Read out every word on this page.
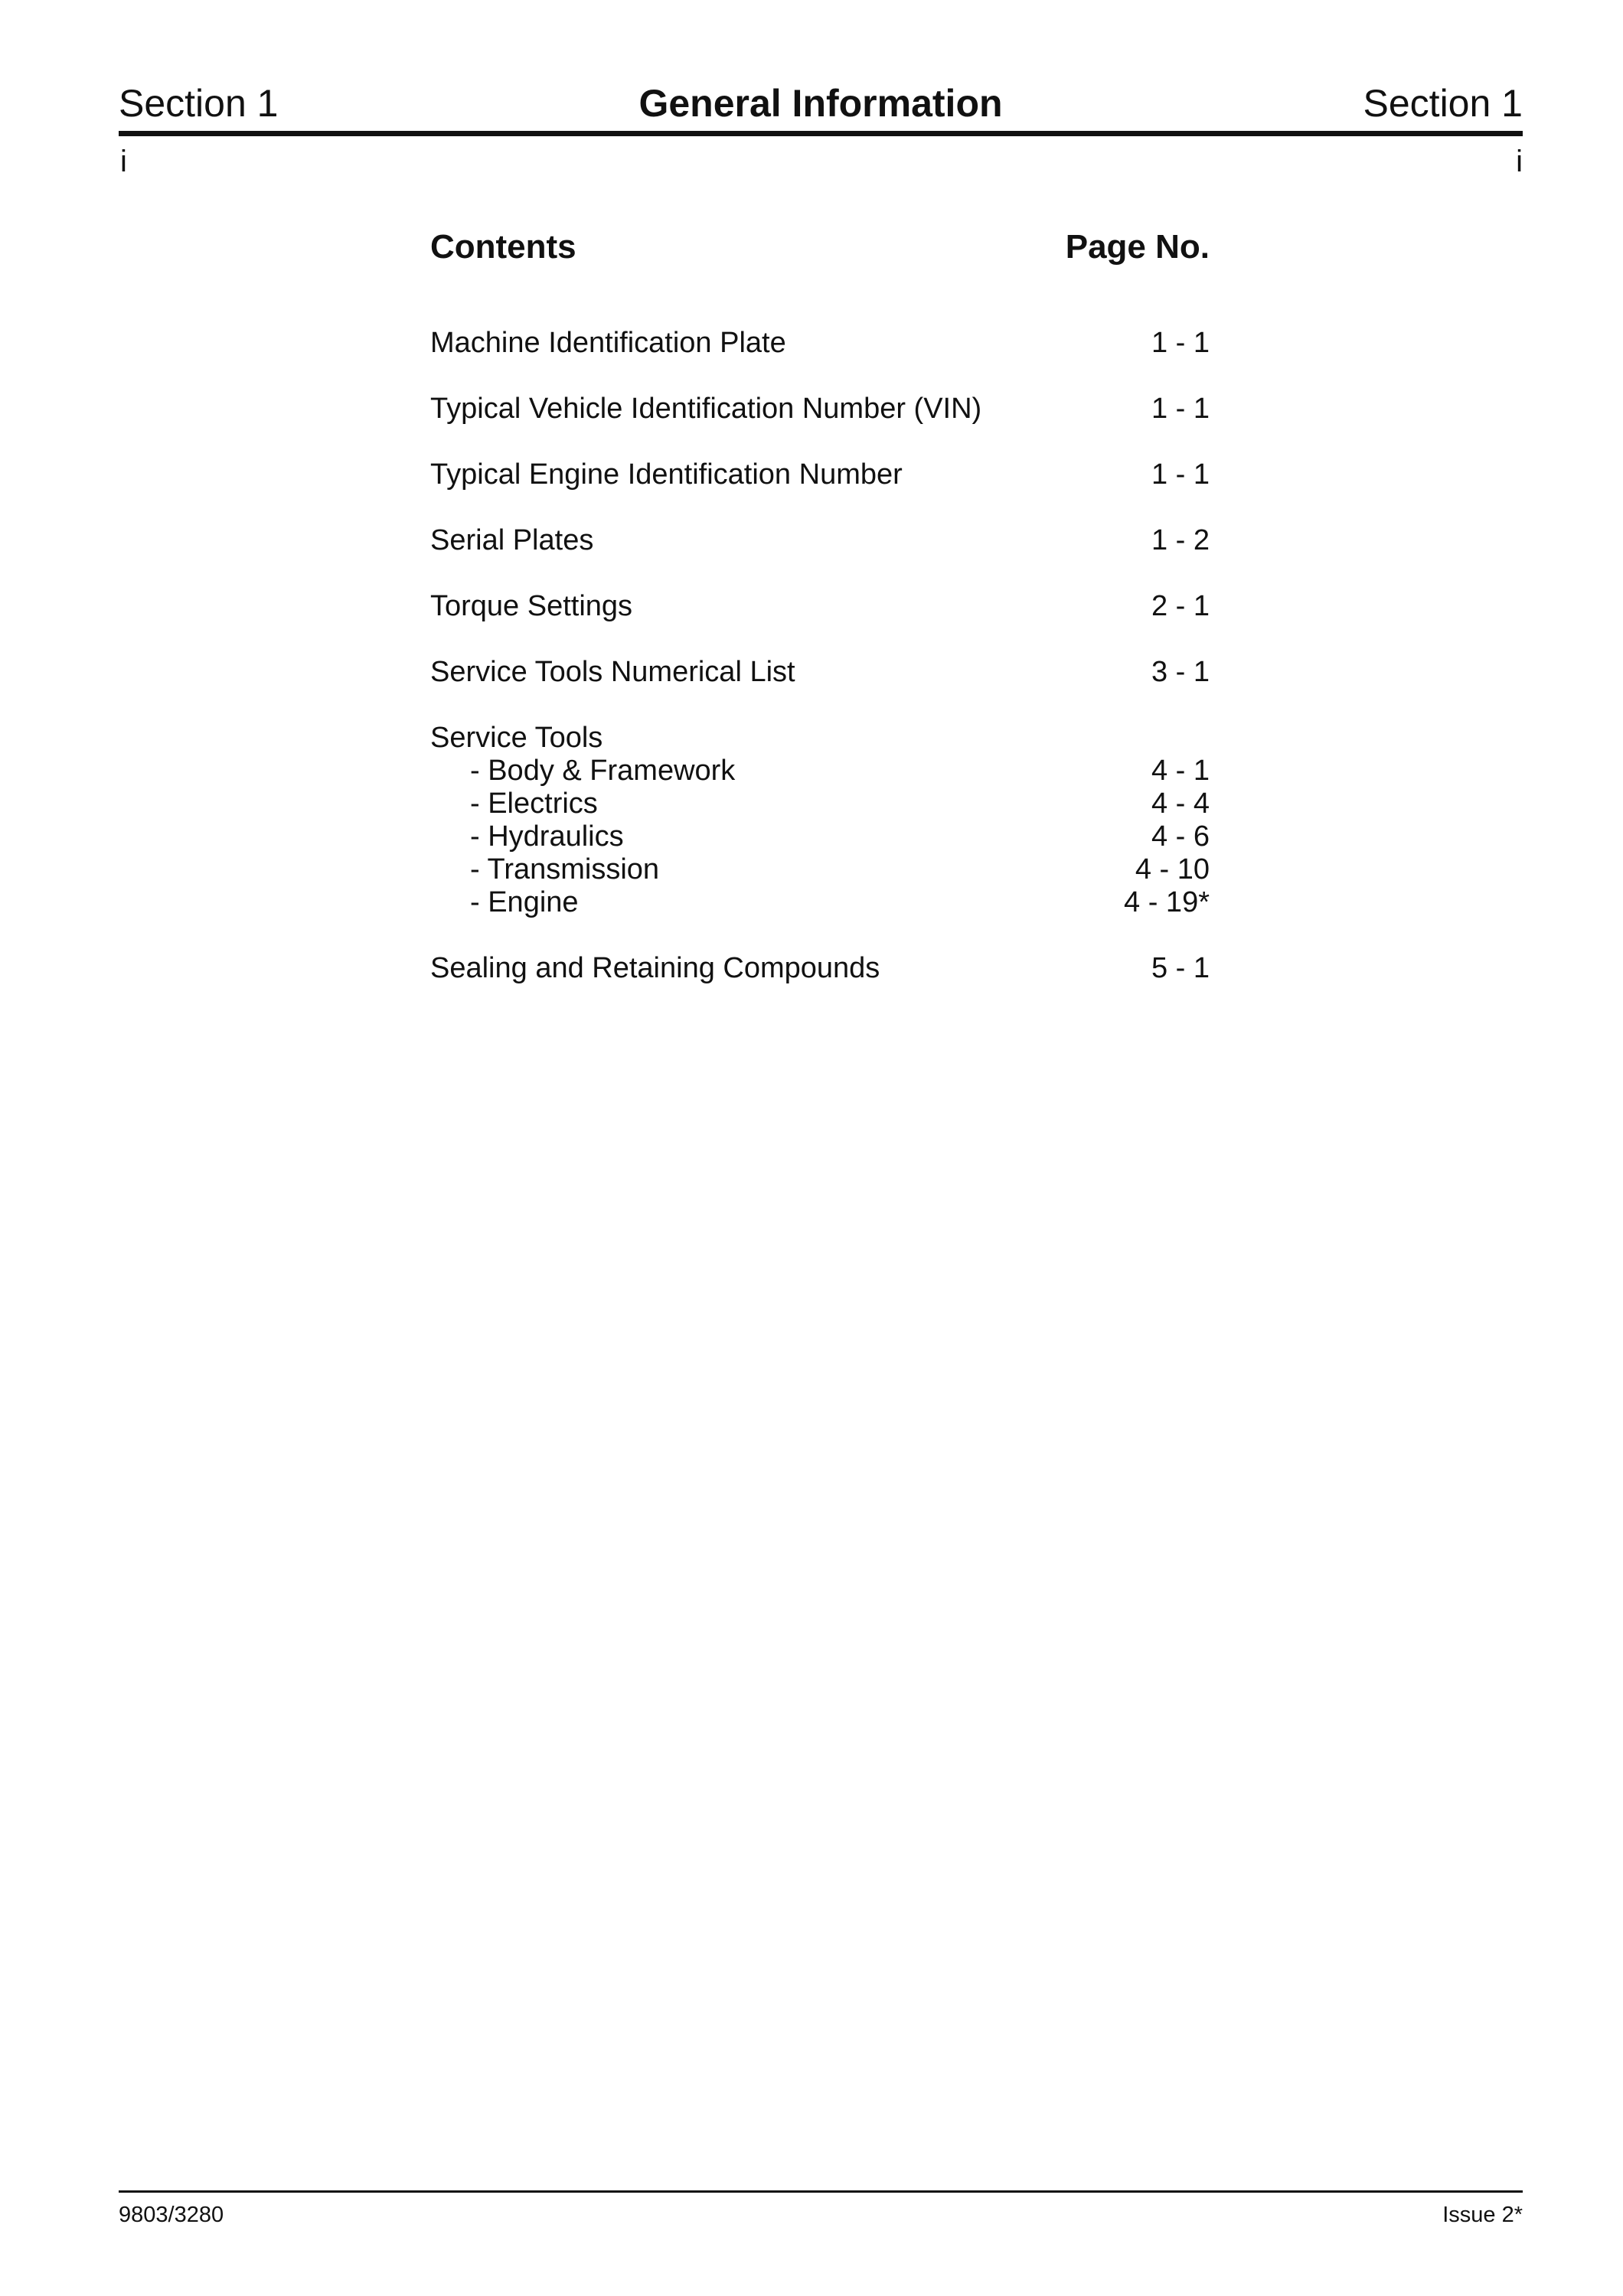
Section 1	General Information	Section 1
i	i
Contents	Page No.
Machine Identification Plate	1 - 1
Typical Vehicle Identification Number (VIN)	1 - 1
Typical Engine Identification Number	1 - 1
Serial Plates	1 - 2
Torque Settings	2 - 1
Service Tools Numerical List	3 - 1
Service Tools
- Body & Framework	4 - 1
- Electrics	4 - 4
- Hydraulics	4 - 6
- Transmission	4 - 10
- Engine	4 - 19*
Sealing and Retaining Compounds	5 - 1
9803/3280	Issue 2*
